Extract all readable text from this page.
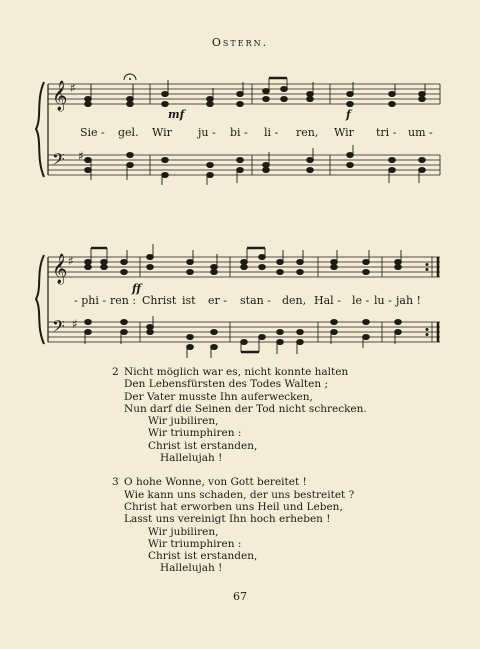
Ostern.
𝄞
𝄢
♯
♯
mf	f
Sie - gel. Wir ju - bi - li - ren, Wir tri - um -
𝄞
𝄢
♯
♯
ff
- phi - ren : Christ ist er - stan - den, Hal - le - lu - jah !
2 Nicht möglich war es, nicht konnte halten
Den Lebensfürsten des Todes Walten ;
Der Vater musste Ihn auferwecken,
Nun darf die Seinen der Tod nicht schrecken.
Wir jubiliren,
Wir triumphiren :
Christ ist erstanden,
Hallelujah !
3 O hohe Wonne, von Gott bereitet !
Wie kann uns schaden, der uns bestreitet ?
Christ hat erworben uns Heil und Leben,
Lasst uns vereinigt Ihn hoch erheben !
Wir jubiliren,
Wir triumphiren :
Christ ist erstanden,
Hallelujah !
67
